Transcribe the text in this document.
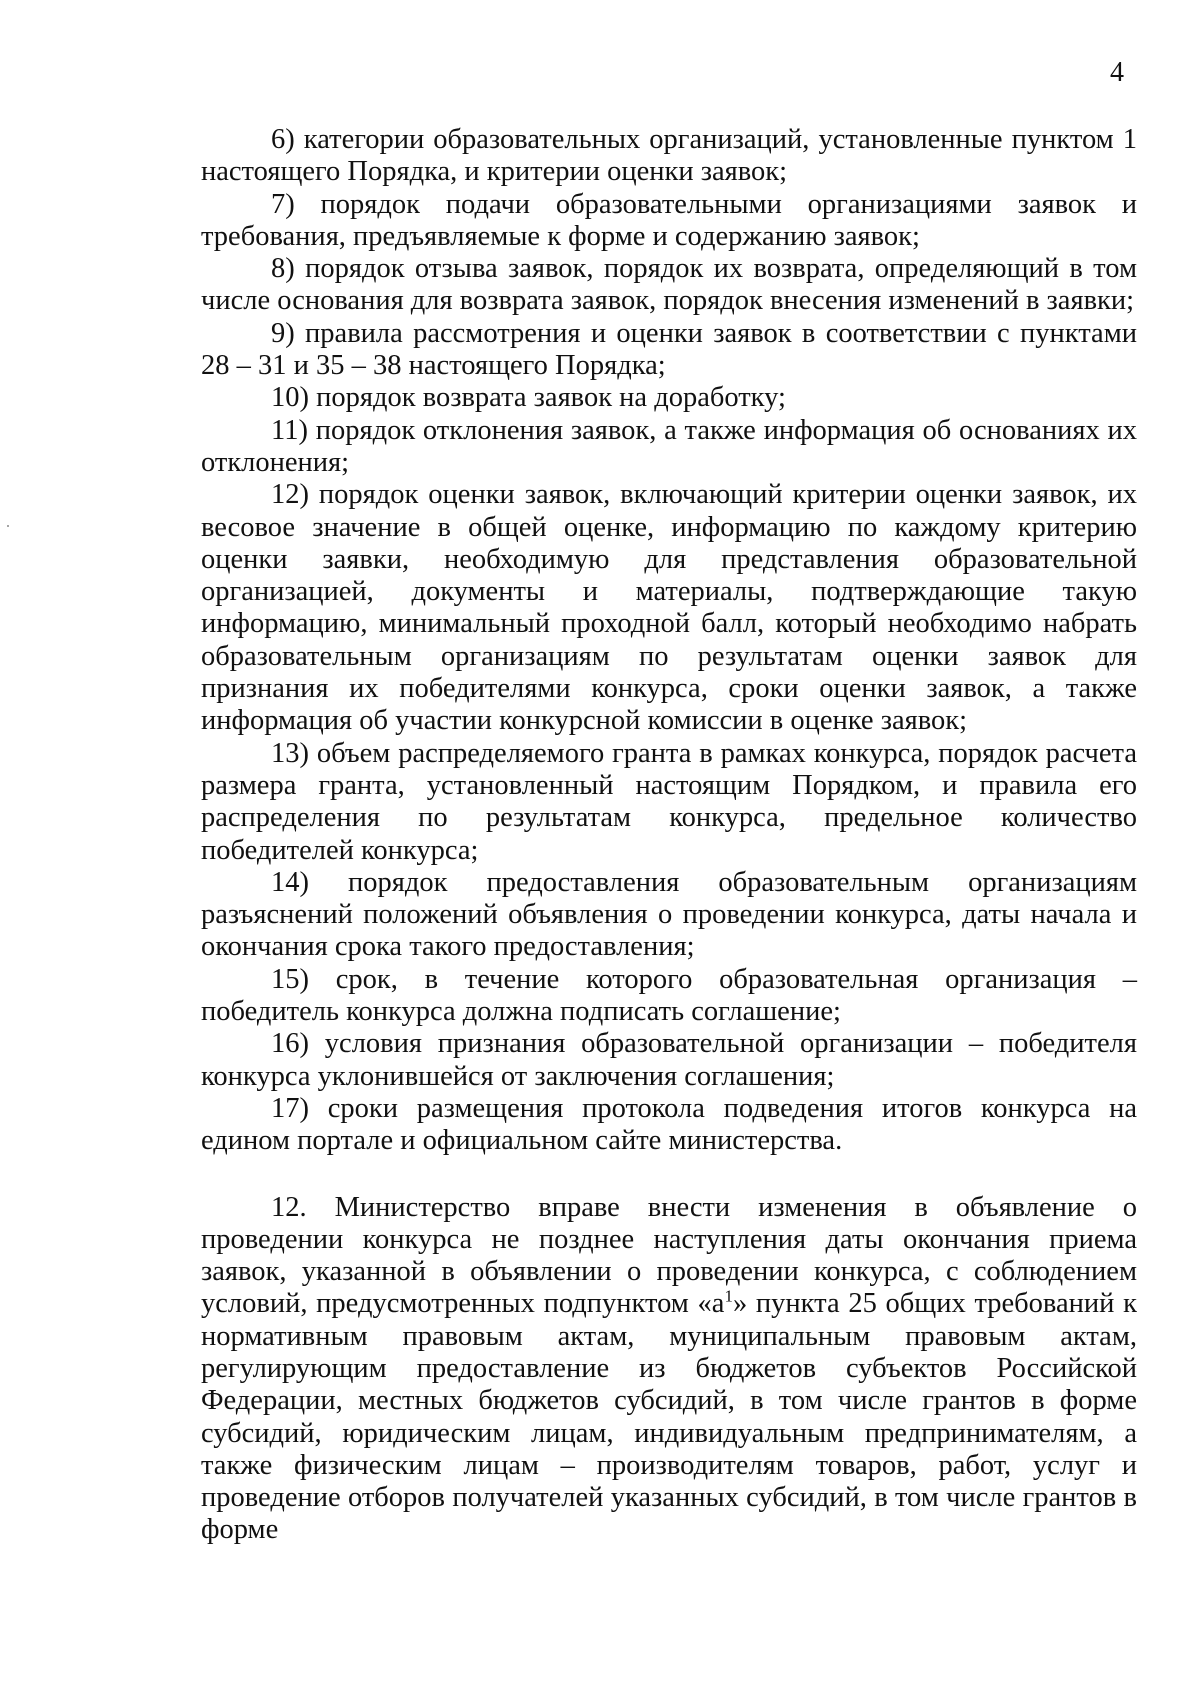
4

6) категории образовательных организаций, установленные пунктом 1 настоящего Порядка, и критерии оценки заявок;

7) порядок подачи образовательными организациями заявок и требования, предъявляемые к форме и содержанию заявок;

8) порядок отзыва заявок, порядок их возврата, определяющий в том числе основания для возврата заявок, порядок внесения изменений в заявки;

9) правила рассмотрения и оценки заявок в соответствии с пунктами 28 – 31 и 35 – 38 настоящего Порядка;

10) порядок возврата заявок на доработку;

11) порядок отклонения заявок, а также информация об основаниях их отклонения;

12) порядок оценки заявок, включающий критерии оценки заявок, их весовое значение в общей оценке, информацию по каждому критерию оценки заявки, необходимую для представления образовательной организацией, документы и материалы, подтверждающие такую информацию, минимальный проходной балл, который необходимо набрать образовательным организациям по результатам оценки заявок для признания их победителями конкурса, сроки оценки заявок, а также информация об участии конкурсной комиссии в оценке заявок;

13) объем распределяемого гранта в рамках конкурса, порядок расчета размера гранта, установленный настоящим Порядком, и правила его распределения по результатам конкурса, предельное количество победителей конкурса;

14) порядок предоставления образовательным организациям разъяснений положений объявления о проведении конкурса, даты начала и окончания срока такого предоставления;

15) срок, в течение которого образовательная организация – победитель конкурса должна подписать соглашение;

16) условия признания образовательной организации – победителя конкурса уклонившейся от заключения соглашения;

17) сроки размещения протокола подведения итогов конкурса на едином портале и официальном сайте министерства.

12. Министерство вправе внести изменения в объявление о проведении конкурса не позднее наступления даты окончания приема заявок, указанной в объявлении о проведении конкурса, с соблюдением условий, предусмотренных подпунктом «$а^1$» пункта 25 общих требований к нормативным правовым актам, муниципальным правовым актам, регулирующим предоставление из бюджетов субъектов Российской Федерации, местных бюджетов субсидий, в том числе грантов в форме субсидий, юридическим лицам, индивидуальным предпринимателям, а также физическим лицам – производителям товаров, работ, услуг и проведение отборов получателей указанных субсидий, в том числе грантов в форме
